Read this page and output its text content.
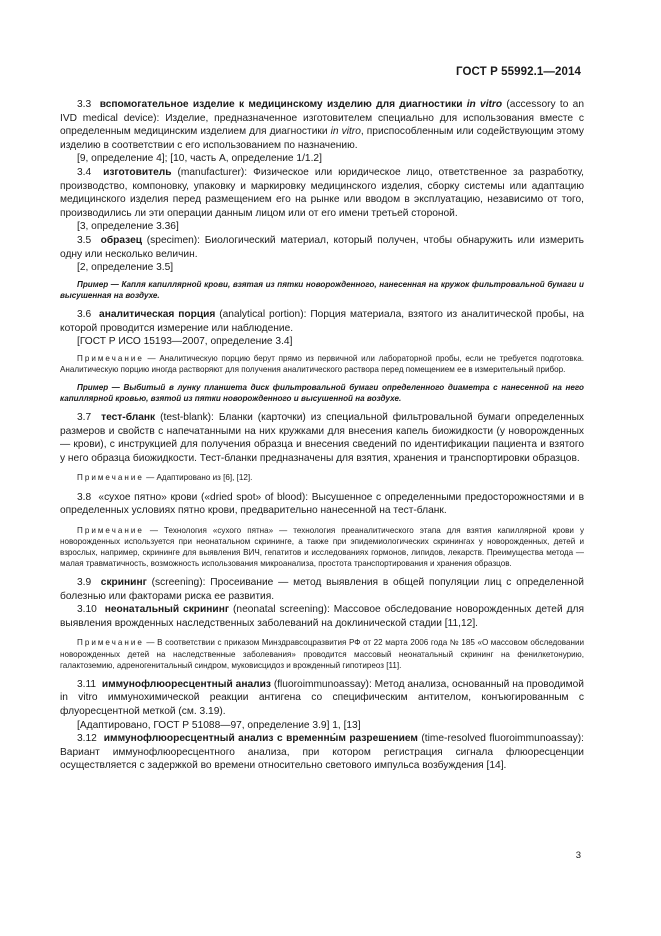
ГОСТ Р 55992.1—2014

3.3 вспомогательное изделие к медицинскому изделию для диагностики in vitro (accessory to an IVD medical device): Изделие, предназначенное изготовителем специально для использования вместе с определенным медицинским изделием для диагностики in vitro, приспособленным или содействующим этому изделию в соответствии с его использованием по назначению.

[9, определение 4]; [10, часть А, определение 1/1.2]

3.4 изготовитель (manufacturer): Физическое или юридическое лицо, ответственное за разработку, производство, компоновку, упаковку и маркировку медицинского изделия, сборку системы или адаптацию медицинского изделия перед размещением его на рынке или вводом в эксплуатацию, независимо от того, производились ли эти операции данным лицом или от его имени третьей стороной.

[3, определение 3.36]

3.5 образец (specimen): Биологический материал, который получен, чтобы обнаружить или измерить одну или несколько величин.

[2, определение 3.5]

Пример — Капля капиллярной крови, взятая из пятки новорожденного, нанесенная на кружок фильтровальной бумаги и высушенная на воздухе.

3.6 аналитическая порция (analytical portion): Порция материала, взятого из аналитической пробы, на которой проводится измерение или наблюдение.

[ГОСТ Р ИСО 15193—2007, определение 3.4]

Примечание — Аналитическую порцию берут прямо из первичной или лабораторной пробы, если не требуется подготовка. Аналитическую порцию иногда растворяют для получения аналитического раствора перед помещением ее в измерительный прибор.

Пример — Выбитый в лунку планшета диск фильтровальной бумаги определенного диаметра с нанесенной на него капиллярной кровью, взятой из пятки новорожденного и высушенной на воздухе.

3.7 тест-бланк (test-blank): Бланки (карточки) из специальной фильтровальной бумаги определенных размеров и свойств с напечатанными на них кружками для внесения капель биожидкости (у новорожденных — крови), с инструкцией для получения образца и внесения сведений по идентификации пациента и взятого у него образца биожидкости. Тест-бланки предназначены для взятия, хранения и транспортировки образцов.

Примечание — Адаптировано из [6], [12].

3.8 «сухое пятно» крови («dried spot» of blood): Высушенное с определенными предосторожностями и в определенных условиях пятно крови, предварительно нанесенной на тест-бланк.

Примечание — Технология «сухого пятна» — технология преаналитического этапа для взятия капиллярной крови у новорожденных используется при неонатальном скрининге, а также при эпидемиологических скринингах у новорожденных, детей и взрослых, например, скрининге для выявления ВИЧ, гепатитов и исследованиях гормонов, липидов, лекарств. Преимущества метода — малая травматичность, возможность использования микроанализа, простота транспортирования и хранения образцов.

3.9 скрининг (screening): Просеивание — метод выявления в общей популяции лиц с определенной болезнью или факторами риска ее развития.

3.10 неонатальный скрининг (neonatal screening): Массовое обследование новорожденных детей для выявления врожденных наследственных заболеваний на доклинической стадии [11,12].

Примечание — В соответствии с приказом Минздравсоцразвития РФ от 22 марта 2006 года № 185 «О массовом обследовании новорожденных детей на наследственные заболевания» проводится массовый неонатальный скрининг на фенилкетонурию, галактоземию, адреногенитальный синдром, муковисцидоз и врожденный гипотиреоз [11].

3.11 иммунофлюоресцентный анализ (fluoroimmunoassay): Метод анализа, основанный на проводимой in vitro иммунохимической реакции антигена со специфическим антителом, конъюгированным с флуоресцентной меткой (см. 3.19).

[Адаптировано, ГОСТ Р 51088—97, определение 3.9] 1, [13]

3.12 иммунофлюоресцентный анализ с временны́м разрешением (time-resolved fluoroimmunoassay): Вариант иммунофлюоресцентного анализа, при котором регистрация сигнала флюоресценции осуществляется с задержкой во времени относительно светового импульса возбуждения [14].

3
